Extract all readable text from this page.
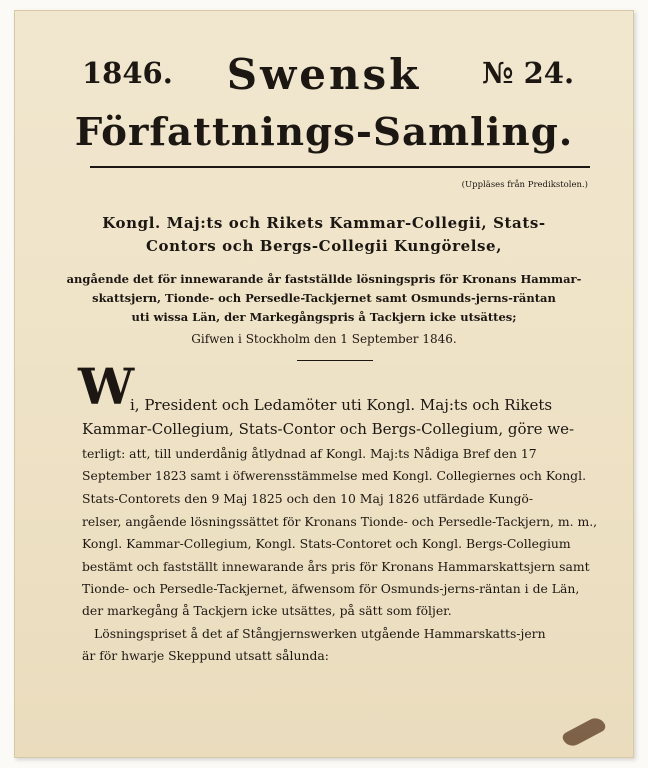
1846.	№ 24.
Swensk
Författnings-Samling.
(Uppläses från Predikstolen.)
Kongl. Maj:ts och Rikets Kammar-Collegii, Stats-
Contors och Bergs-Collegii Kungörelse,
angående det för innewarande år fastställde lösningspris för Kronans Hammar-
skattsjern, Tionde- och Persedle-Tackjernet samt Osmunds-jerns-räntan
uti wissa Län, der Markegångspris å Tackjern icke utsättes;
Gifwen i Stockholm den 1 September 1846.
W
i, President och Ledamöter uti Kongl. Maj:ts och Rikets
Kammar-Collegium, Stats-Contor och Bergs-Collegium, göre we-
terligt: att, till underdånig åtlydnad af Kongl. Maj:ts Nådiga Bref den 17
September 1823 samt i öfwerensstämmelse med Kongl. Collegiernes och Kongl.
Stats-Contorets den 9 Maj 1825 och den 10 Maj 1826 utfärdade Kungö-
relser, angående lösningssättet för Kronans Tionde- och Persedle-Tackjern, m. m.,
Kongl. Kammar-Collegium, Kongl. Stats-Contoret och Kongl. Bergs-Collegium
bestämt och fastställt innewarande års pris för Kronans Hammarskattsjern samt
Tionde- och Persedle-Tackjernet, äfwensom för Osmunds-jerns-räntan i de Län,
der markegång å Tackjern icke utsättes, på sätt som följer.
Lösningspriset å det af Stångjernswerken utgående Hammarskatts-jern
är för hwarje Skeppund utsatt sålunda:
